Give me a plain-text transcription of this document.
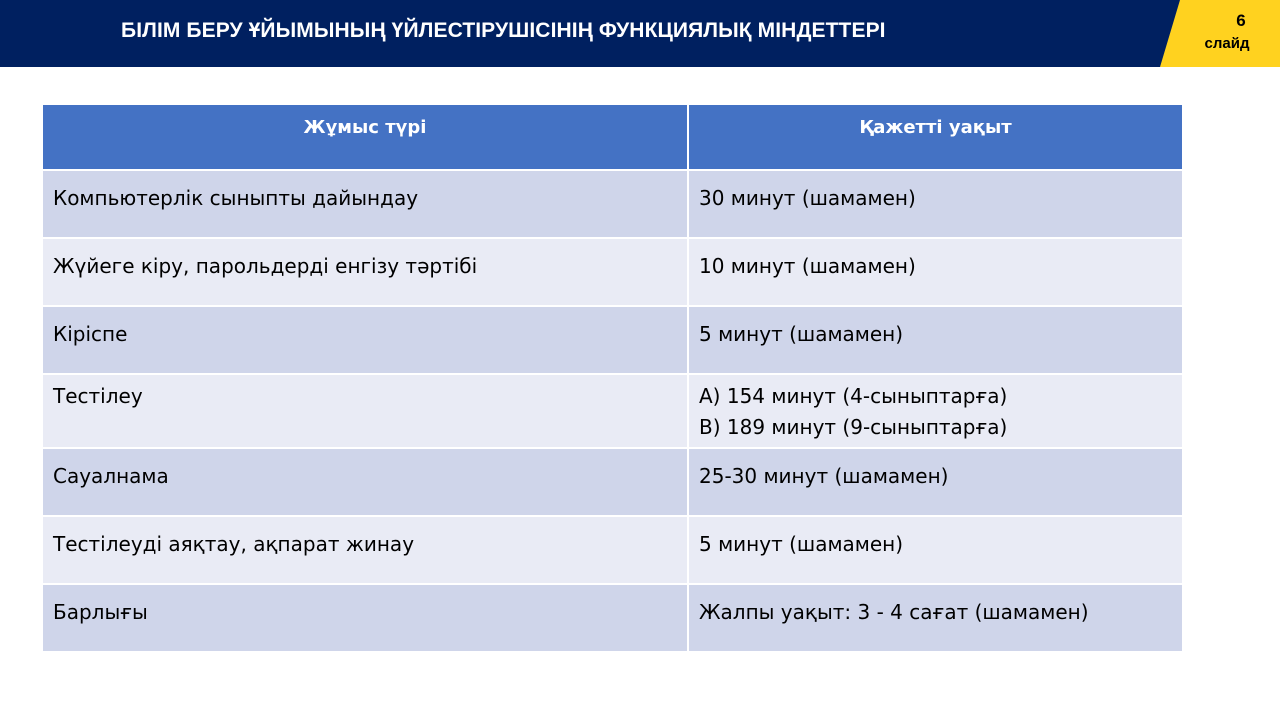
БІЛІМ БЕРУ ҰЙЫМЫНЫҢ ҮЙЛЕСТІРУШІСІНІҢ ФУНКЦИЯЛЫҚ МІНДЕТТЕРІ	6
слайд
Жұмыс түрі	Қажетті уақыт
Компьютерлік сыныпты дайындау	30 минут (шамамен)

Жүйеге кіру, парольдерді енгізу тәртібі	10 минут (шамамен)

Кіріспе	5 минут (шамамен)

Тестілеу	А) 154 минут (4-сыныптарға)
В) 189 минут (9-сыныптарға)

Сауалнама	25-30 минут (шамамен)

Тестілеуді аяқтау, ақпарат жинау	5 минут (шамамен)

Барлығы	Жалпы уақыт: 3 - 4 сағат (шамамен)
